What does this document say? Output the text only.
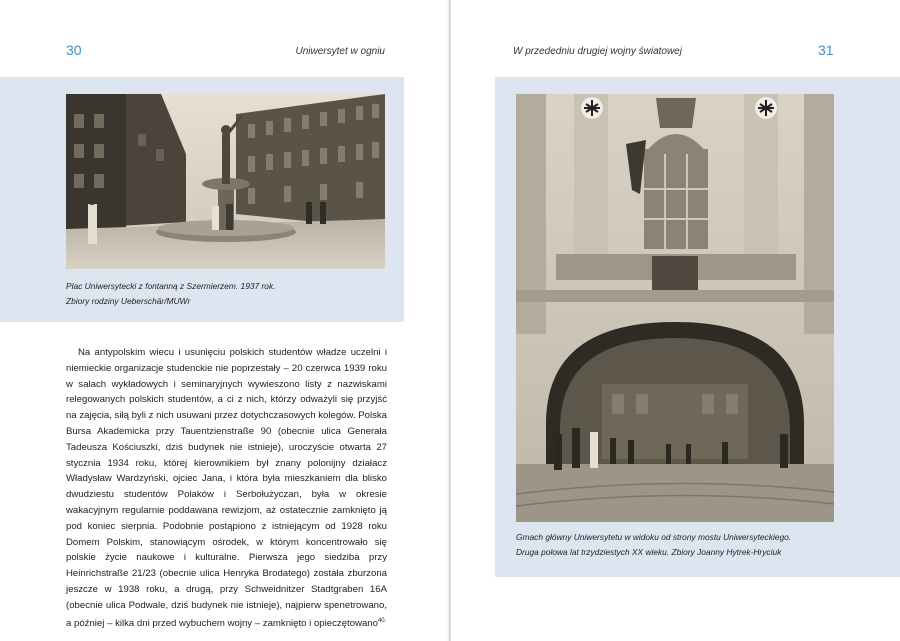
30	Uniwersytet w ogniu
Plac Uniwersytecki z fontanną z Szermierzem. 1937 rok.
Zbiory rodziny Ueberschär/MUWr

Na antypolskim wiecu i usunięciu polskich studentów władze uczelni i niemieckie organizacje studenckie nie poprzestały – 20 czerwca 1939 roku w salach wykładowych i seminaryjnych wywieszono listy z nazwiskami relegowanych polskich studentów, a ci z nich, którzy odważyli się przyjść na zajęcia, siłą byli z nich usuwani przez dotychczasowych kolegów. Polska Bursa Akademicka przy Tauentzienstraße 90 (obecnie ulica Generała Tadeusza Kościuszki, dziś budynek nie istnieje), uroczyście otwarta 27 stycznia 1934 roku, której kierownikiem był znany polonijny działacz Władysław Wardzyński, ojciec Jana, i która była mieszkaniem dla blisko dwudziestu studentów Polaków i Serbołużyczan, była w okresie wakacyjnym regularnie poddawana rewizjom, aż ostatecznie zamknięto ją pod koniec sierpnia. Podobnie postąpiono z istniejącym od 1928 roku Domem Polskim, stanowiącym ośrodek, w którym koncentrowało się polskie życie naukowe i kulturalne. Pierwsza jego siedziba przy Heinrichstraße 21/23 (obecnie ulica Henryka Brodatego) została zburzona jeszcze w 1938 roku, a drugą, przy Schweidnitzer Stadtgraben 16A (obecnie ulica Podwale, dziś budynek nie istnieje), najpierw spenetrowano, a później – kilka dni przed wybuchem wojny – zamknięto i opieczętowano$^{40.}$

W przededniu drugiej wojny światowej	31
Gmach główny Uniwersytetu w widoku od strony mostu Uniwersyteckiego.
Druga połowa lat trzydziestych XX wieku. Zbiory Joanny Hytrek-Hryciuk
